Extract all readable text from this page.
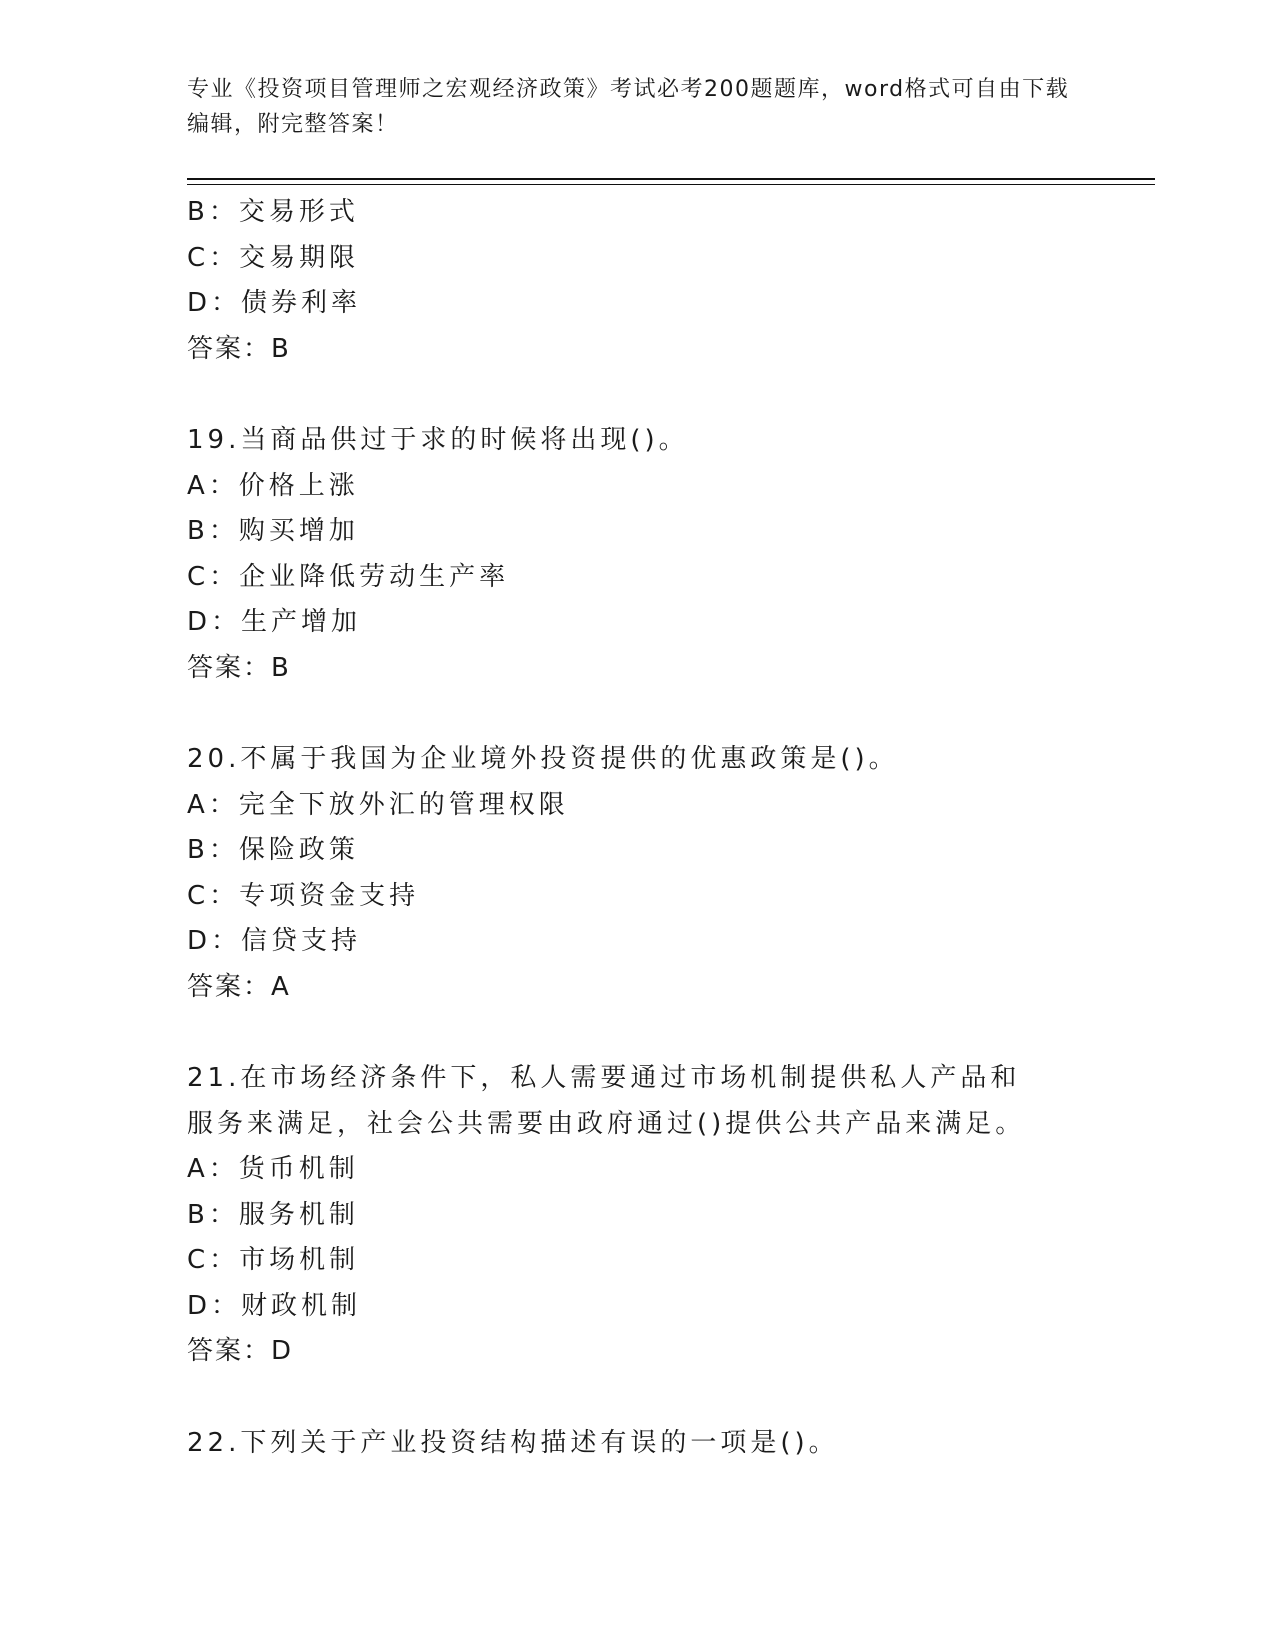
专业《投资项目管理师之宏观经济政策》考试必考200题题库，word格式可自由下载编辑，附完整答案！
B：交易形式
C：交易期限
D：债券利率
答案：B
19.当商品供过于求的时候将出现()。
A：价格上涨
B：购买增加
C：企业降低劳动生产率
D：生产增加
答案：B
20.不属于我国为企业境外投资提供的优惠政策是()。
A：完全下放外汇的管理权限
B：保险政策
C：专项资金支持
D：信贷支持
答案：A
21.在市场经济条件下，私人需要通过市场机制提供私人产品和服务来满足，社会公共需要由政府通过()提供公共产品来满足。
A：货币机制
B：服务机制
C：市场机制
D：财政机制
答案：D
22.下列关于产业投资结构描述有误的一项是()。
